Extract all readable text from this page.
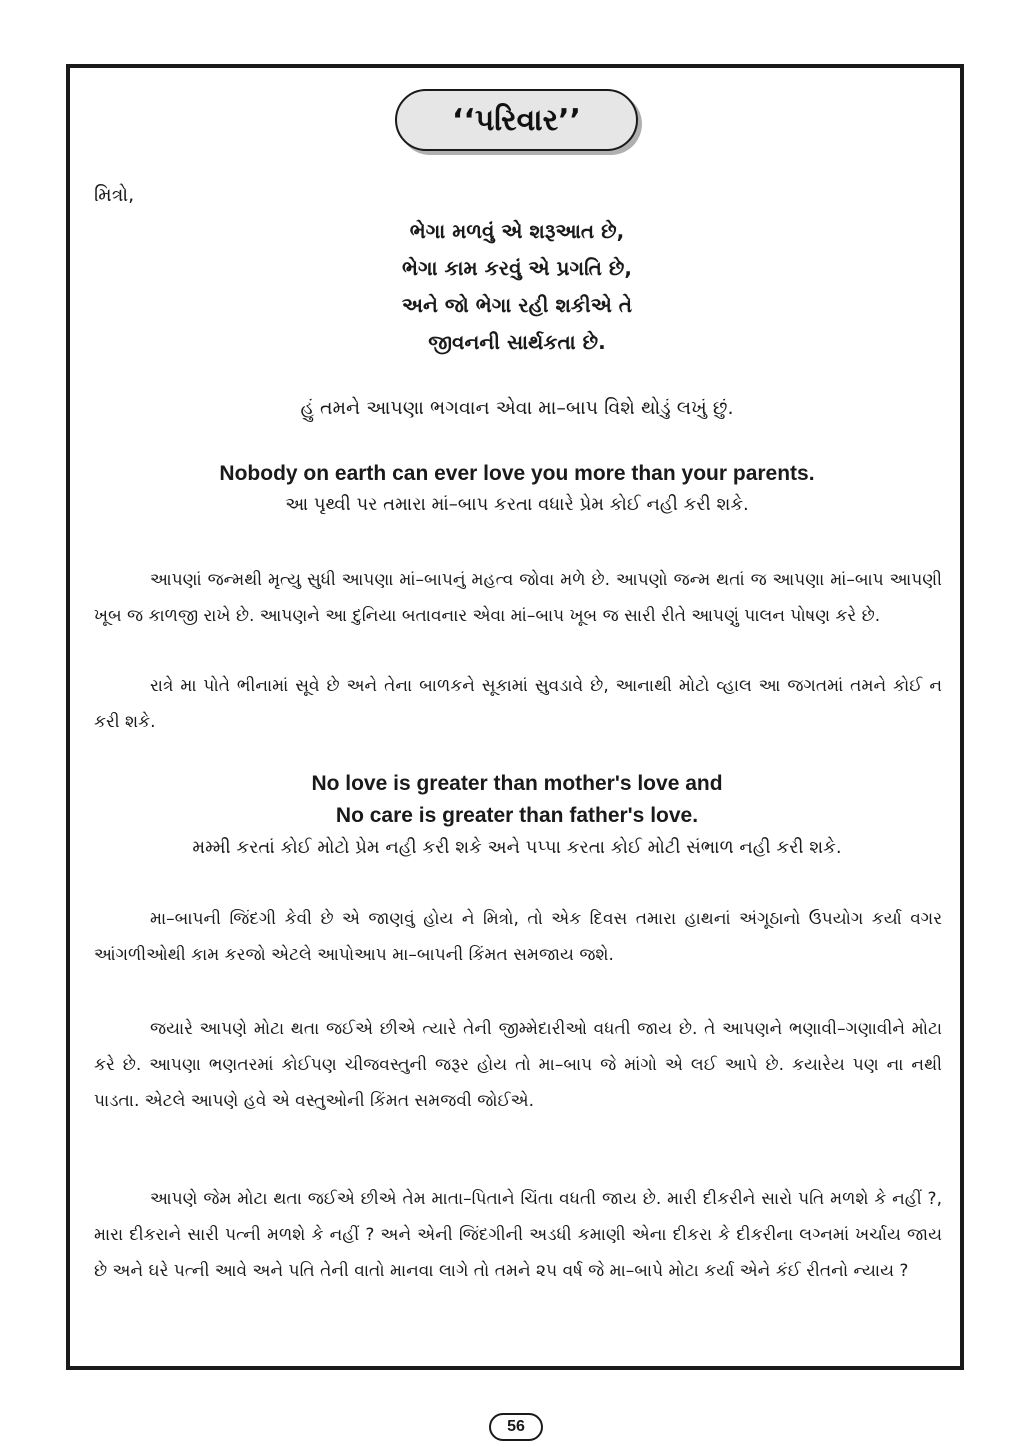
‘‘પરિવાર’’
મિત્રો,
ભેગા મળવું એ શરૂઆત છે,
ભેગા કામ કરવું એ પ્રગતિ છે,
અને જો ભેગા રહી શકીએ તે
જીવનની સાર્થકતા છે.
હું તમને આપણા ભગવાન એવા મા–બાપ વિશે થોડું લખું છું.
Nobody on earth can ever love you more than your parents.
આ પૃથ્વી પર તમારા માં–બાપ કરતા વધારે પ્રેમ કોઈ નહી કરી શકે.

આપણાં જન્મથી મૃત્યુ સુધી આપણા માં–બાપનું મહત્વ જોવા મળે છે. આપણો જન્મ થતાં જ આપણા માં–બાપ આપણી ખૂબ જ કાળજી રાખે છે. આપણને આ દુનિયા બતાવનાર એવા માં–બાપ ખૂબ જ સારી રીતે આપણું પાલન પોષણ કરે છે.

રાત્રે મા પોતે ભીનામાં સૂવે છે અને તેના બાળકને સૂકામાં સુવડાવે છે, આનાથી મોટો વ્હાલ આ જગતમાં તમને કોઈ ન કરી શકે.

No love is greater than mother's love and
No care is greater than father's love.
મમ્મી કરતાં કોઈ મોટો પ્રેમ નહી કરી શકે અને પપ્પા કરતા કોઈ મોટી સંભાળ નહી કરી શકે.

મા–બાપની જિંદગી કેવી છે એ જાણવું હોય ને મિત્રો, તો એક દિવસ તમારા હાથનાં અંગૂઠાનો ઉપયોગ કર્યા વગર આંગળીઓથી કામ કરજો એટલે આપોઆપ મા–બાપની કિંમત સમજાય જશે.

જયારે આપણે મોટા થતા જઈએ છીએ ત્યારે તેની જીમ્મેદારીઓ વધતી જાય છે. તે આપણને ભણાવી–ગણાવીને મોટા કરે છે. આપણા ભણતરમાં કોઈપણ ચીજવસ્તુની જરૂર હોય તો મા–બાપ જે માંગો એ લઈ આપે છે. કયારેય પણ ના નથી પાડતા. એટલે આપણે હવે એ વસ્તુઓની કિંમત સમજવી જોઈએ.

આપણે જેમ મોટા થતા જઈએ છીએ તેમ માતા–પિતાને ચિંતા વધતી જાય છે. મારી દીકરીને સારો પતિ મળશે કે નહીં ?, મારા દીકરાને સારી પત્ની મળશે કે નહીં ? અને એની જિંદગીની અડધી કમાણી એના દીકરા કે દીકરીના લગ્નમાં ખર્ચાય જાય છે અને ઘરે પત્ની આવે અને પતિ તેની વાતો માનવા લાગે તો તમને ૨૫ વર્ષ જે મા–બાપે મોટા કર્યા એને કંઈ રીતનો ન્યાય ?

56
